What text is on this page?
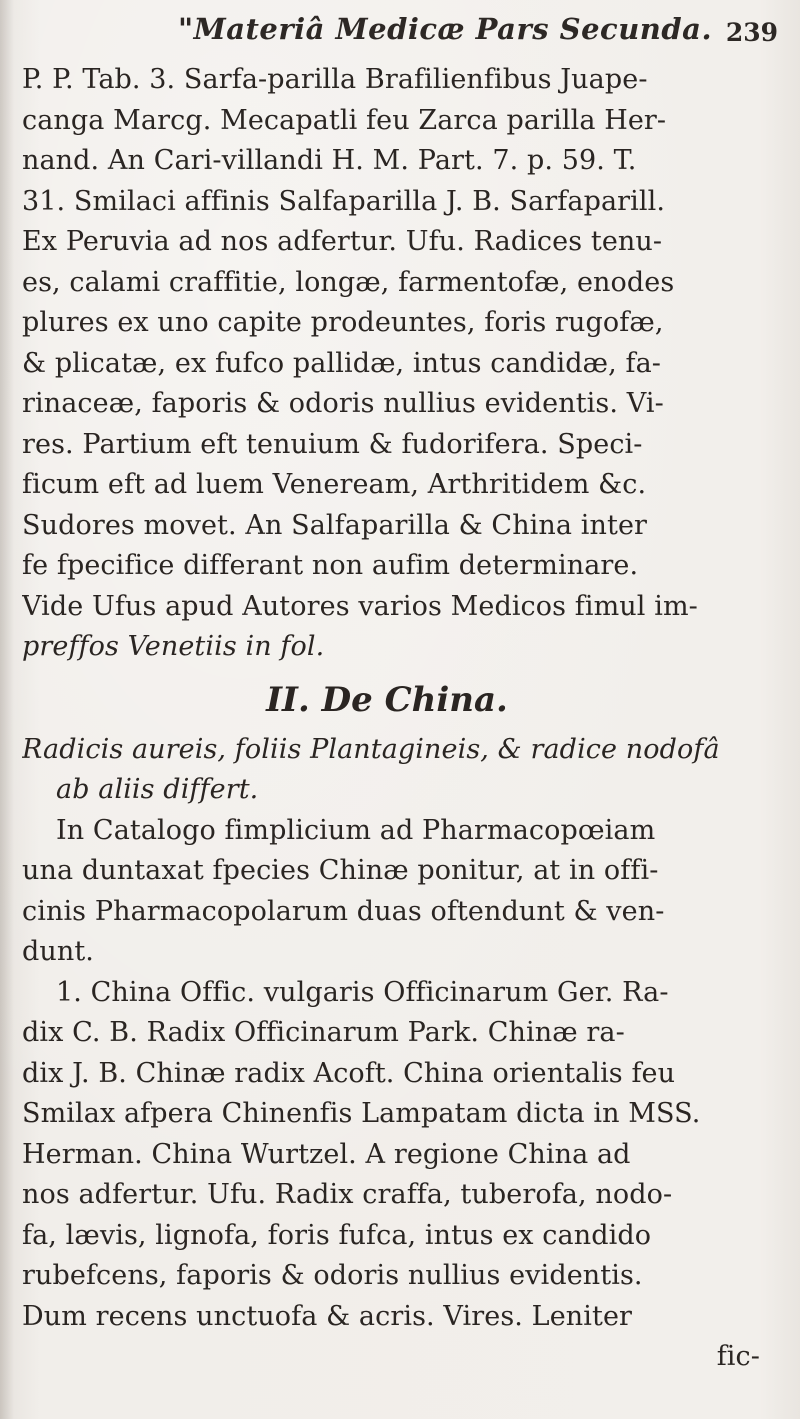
"Materiâ Medicæ Pars Secunda. 239
P. P. Tab. 3. Sarfa-parilla Brafilienfibus Juape-
canga Marcg. Mecapatli feu Zarca parilla Her-
nand. An Cari-villandi H. M. Part. 7. p. 59. T.
31. Smilaci affinis Salfaparilla J. B. Sarfaparill.
Ex Peruvia ad nos adfertur. Ufu. Radices tenu-
es, calami craffitie, longæ, farmentofæ, enodes
plures ex uno capite prodeuntes, foris rugofæ,
& plicatæ, ex fufco pallidæ, intus candidæ, fa-
rinaceæ, faporis & odoris nullius evidentis. Vi-
res. Partium eft tenuium & fudorifera. Speci-
ficum eft ad luem Veneream, Arthritidem &c.
Sudores movet. An Salfaparilla & China inter
fe fpecifice differant non aufim determinare.
Vide Ufus apud Autores varios Medicos fimul im-
preffos Venetiis in fol.
II. De China.
Radicis aureis, foliis Plantagineis, & radice nodofâ
ab aliis differt.
In Catalogo fimplicium ad Pharmacopœiam
una duntaxat fpecies Chinæ ponitur, at in offi-
cinis Pharmacopolarum duas oftendunt & ven-
dunt.
1. China Offic. vulgaris Officinarum Ger. Ra-
dix C. B. Radix Officinarum Park. Chinæ ra-
dix J. B. Chinæ radix Acoft. China orientalis feu
Smilax afpera Chinenfis Lampatam dicta in MSS.
Herman. China Wurtzel. A regione China ad
nos adfertur. Ufu. Radix craffa, tuberofa, nodo-
fa, lævis, lignofa, foris fufca, intus ex candido
rubefcens, faporis & odoris nullius evidentis.
Dum recens unctuofa & acris. Vires. Leniter
fic-
